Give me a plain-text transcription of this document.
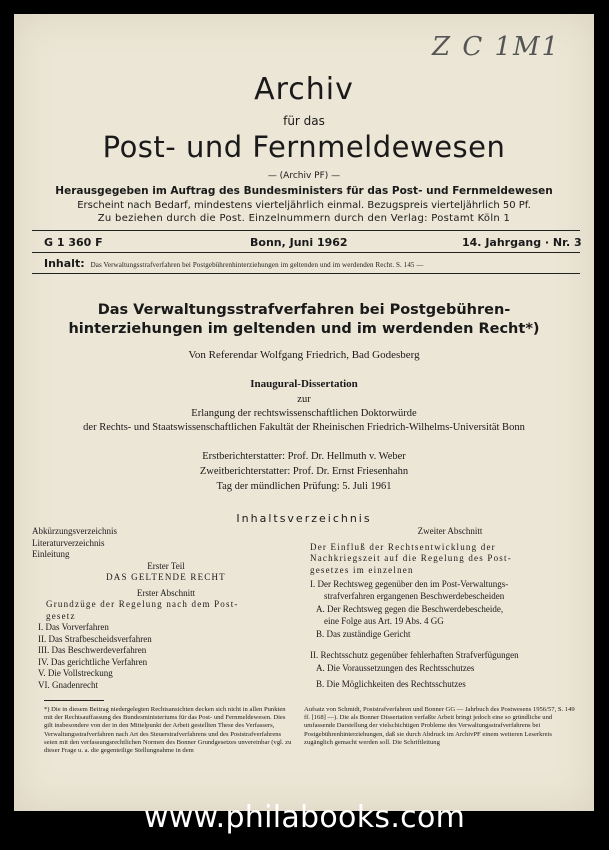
Z C 1M1
Archiv
für das
Post- und Fernmeldewesen
— (Archiv PF) —
Herausgegeben im Auftrag des Bundesministers für das Post- und Fernmeldewesen
Erscheint nach Bedarf, mindestens vierteljährlich einmal. Bezugspreis vierteljährlich 50 Pf.
Zu beziehen durch die Post. Einzelnummern durch den Verlag: Postamt Köln 1
G 1 360 F	Bonn, Juni 1962	14. Jahrgang · Nr. 3
Inhalt: Das Verwaltungsstrafverfahren bei Postgebührenhinterziehungen im geltenden und im werdenden Recht. S. 145 —
Das Verwaltungsstrafverfahren bei Postgebühren-
hinterziehungen im geltenden und im werdenden Recht*)
Von Referendar Wolfgang Friedrich, Bad Godesberg
Inaugural-Dissertation
zur
Erlangung der rechtswissenschaftlichen Doktorwürde
der Rechts- und Staatswissenschaftlichen Fakultät der Rheinischen Friedrich-Wilhelms-Universität Bonn
Erstberichterstatter: Prof. Dr. Hellmuth v. Weber
Zweitberichterstatter: Prof. Dr. Ernst Friesenhahn
Tag der mündlichen Prüfung: 5. Juli 1961
Inhaltsverzeichnis
Abkürzungsverzeichnis
Literaturverzeichnis
Einleitung
Erster Teil
DAS GELTENDE RECHT
Erster Abschnitt
Grundzüge der Regelung nach dem Post-
gesetz
I. Das Vorverfahren
II. Das Strafbescheidsverfahren
III. Das Beschwerdeverfahren
IV. Das gerichtliche Verfahren
V. Die Vollstreckung
VI. Gnadenrecht
Zweiter Abschnitt
Der Einfluß der Rechtsentwicklung der
Nachkriegszeit auf die Regelung des Post-
gesetzes im einzelnen
I. Der Rechtsweg gegenüber den im Post-Verwaltungs-
strafverfahren ergangenen Beschwerdebescheiden
A. Der Rechtsweg gegen die Beschwerdebescheide,
eine Folge aus Art. 19 Abs. 4 GG
B. Das zuständige Gericht
II. Rechtsschutz gegenüber fehlerhaften Strafverfügungen
A. Die Voraussetzungen des Rechtsschutzes
B. Die Möglichkeiten des Rechtsschutzes
*) Die in diesem Beitrag niedergelegten Rechtsansichten decken sich nicht in allen Punkten mit der Rechtsauffassung des Bundesministeriums für das Post- und Fernmeldewesen. Dies gilt insbesondere von der in den Mittelpunkt der Arbeit gestellten These des Verfassers, Verwaltungsstrafverfahren nach Art des Steuerstrafverfahrens und des Poststrafverfahrens seien mit den verfassungsrechtlichen Normen des Bonner Grundgesetzes unvereinbar (vgl. zu dieser Frage u. a. die gegenteilige Stellungnahme in dem
Aufsatz von Schmidt, Poststrafverfahren und Bonner GG — Jahrbuch des Postwesens 1956/57, S. 149 ff. [168] —). Die als Bonner Dissertation verfaßte Arbeit bringt jedoch eine so gründliche und umfassende Darstellung der vielschichtigen Probleme des Verwaltungsstrafverfahrens bei Postgebührenhinterziehungen, daß sie durch Abdruck im ArchivPF einem weiteren Leserkreis zugänglich gemacht werden soll. Die Schriftleitung
www.philabooks.com
